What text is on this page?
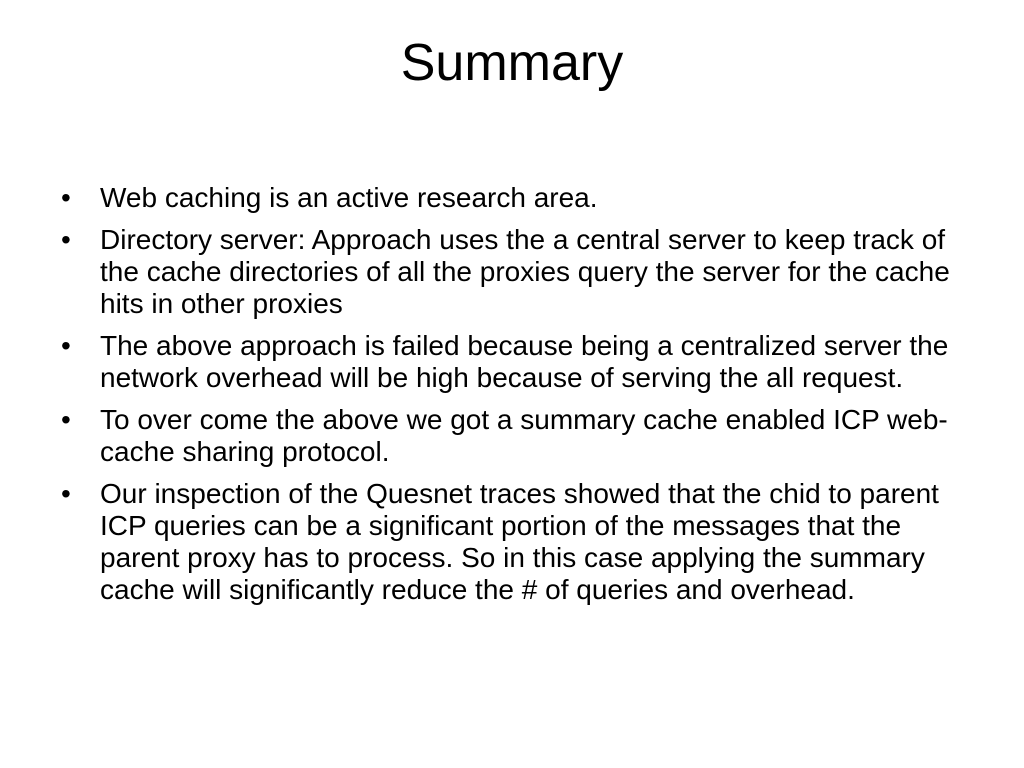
Summary
•	Web caching is an active research area.
•	Directory server: Approach uses the a central server to keep track of the cache directories of all the proxies query the server for the cache hits in other proxies
•	The above approach is failed because being a centralized server the network overhead will be high because of serving the all request.
•	To over come the above we got a summary cache enabled ICP web-cache sharing protocol.
•	Our inspection of the Quesnet traces showed that the chid to parent ICP queries can be a significant portion of the messages that the parent proxy has to process. So in this case applying the summary cache will significantly reduce the # of queries and overhead.
